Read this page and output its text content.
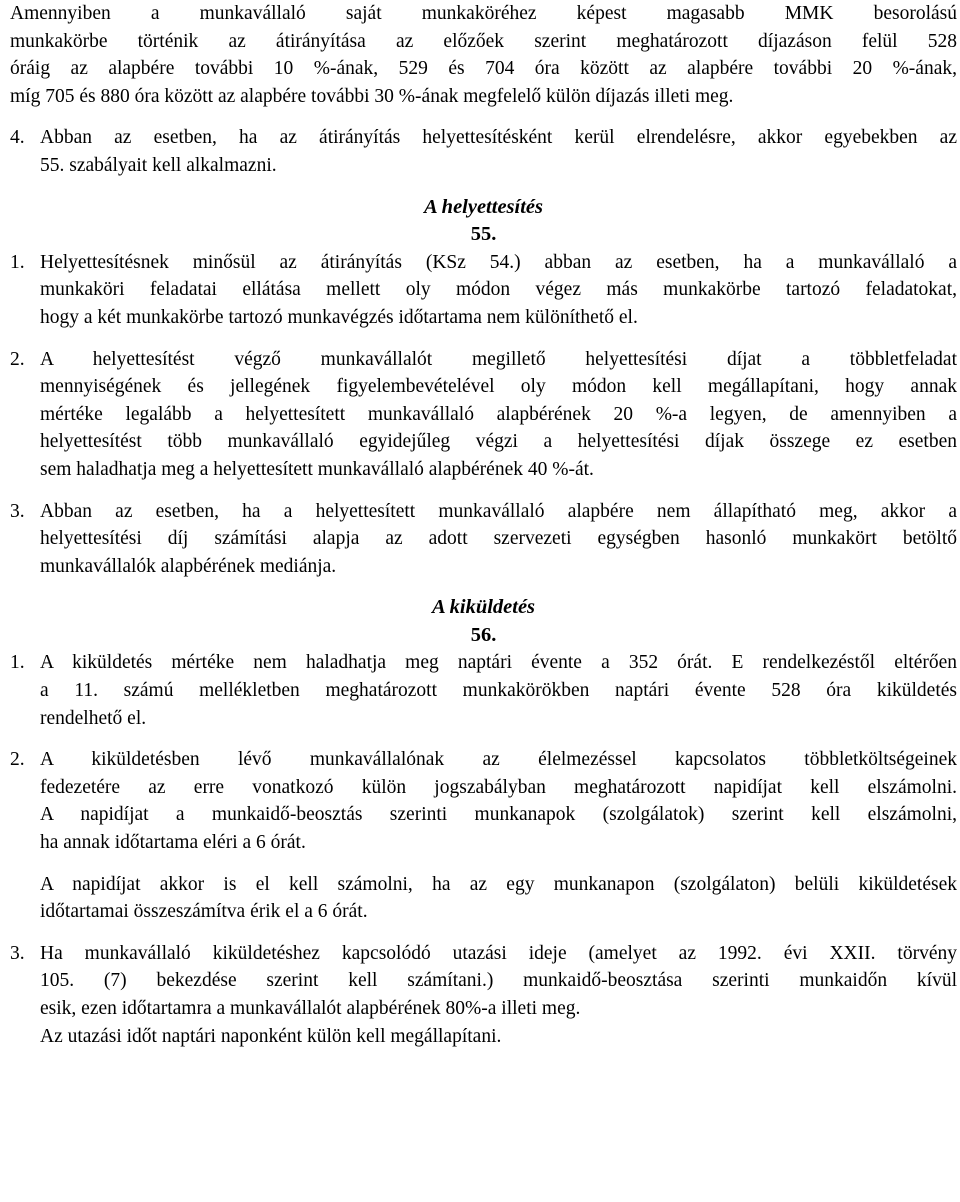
Amennyiben a munkavállaló saját munkaköréhez képest magasabb MMK besorolású
munkakörbe történik az átirányítása az előzőek szerint meghatározott díjazáson felül 528
óráig az alapbére további 10 %-ának, 529 és 704 óra között az alapbére további 20 %-ának,
míg 705 és 880 óra között az alapbére további 30 %-ának megfelelő külön díjazás illeti meg.
4. Abban az esetben, ha az átirányítás helyettesítésként kerül elrendelésre, akkor egyebekben az
55. szabályait kell alkalmazni.

A helyettesítés

55.

1. Helyettesítésnek minősül az átirányítás (KSz 54.) abban az esetben, ha a munkavállaló a
munkaköri feladatai ellátása mellett oly módon végez más munkakörbe tartozó feladatokat,
hogy a két munkakörbe tartozó munkavégzés időtartama nem különíthető el.
2. A helyettesítést végző munkavállalót megillető helyettesítési díjat a többletfeladat
mennyiségének és jellegének figyelembevételével oly módon kell megállapítani, hogy annak
mértéke legalább a helyettesített munkavállaló alapbérének 20 %-a legyen, de amennyiben a
helyettesítést több munkavállaló egyidejűleg végzi a helyettesítési díjak összege ez esetben
sem haladhatja meg a helyettesített munkavállaló alapbérének 40 %-át.
3. Abban az esetben, ha a helyettesített munkavállaló alapbére nem állapítható meg, akkor a
helyettesítési díj számítási alapja az adott szervezeti egységben hasonló munkakört betöltő
munkavállalók alapbérének mediánja.

A kiküldetés

56.

1. A kiküldetés mértéke nem haladhatja meg naptári évente a 352 órát. E rendelkezéstől eltérően
a 11. számú mellékletben meghatározott munkakörökben naptári évente 528 óra kiküldetés
rendelhető el.
2. A kiküldetésben lévő munkavállalónak az élelmezéssel kapcsolatos többletköltségeinek
fedezetére az erre vonatkozó külön jogszabályban meghatározott napidíjat kell elszámolni.
A napidíjat a munkaidő-beosztás szerinti munkanapok (szolgálatok) szerint kell elszámolni,
ha annak időtartama eléri a 6 órát.
A napidíjat akkor is el kell számolni, ha az egy munkanapon (szolgálaton) belüli kiküldetések
időtartamai összeszámítva érik el a 6 órát.
3. Ha munkavállaló kiküldetéshez kapcsolódó utazási ideje (amelyet az 1992. évi XXII. törvény
105. (7) bekezdése szerint kell számítani.) munkaidő-beosztása szerinti munkaidőn kívül
esik, ezen időtartamra a munkavállalót alapbérének 80%-a illeti meg.
Az utazási időt naptári naponként külön kell megállapítani.
